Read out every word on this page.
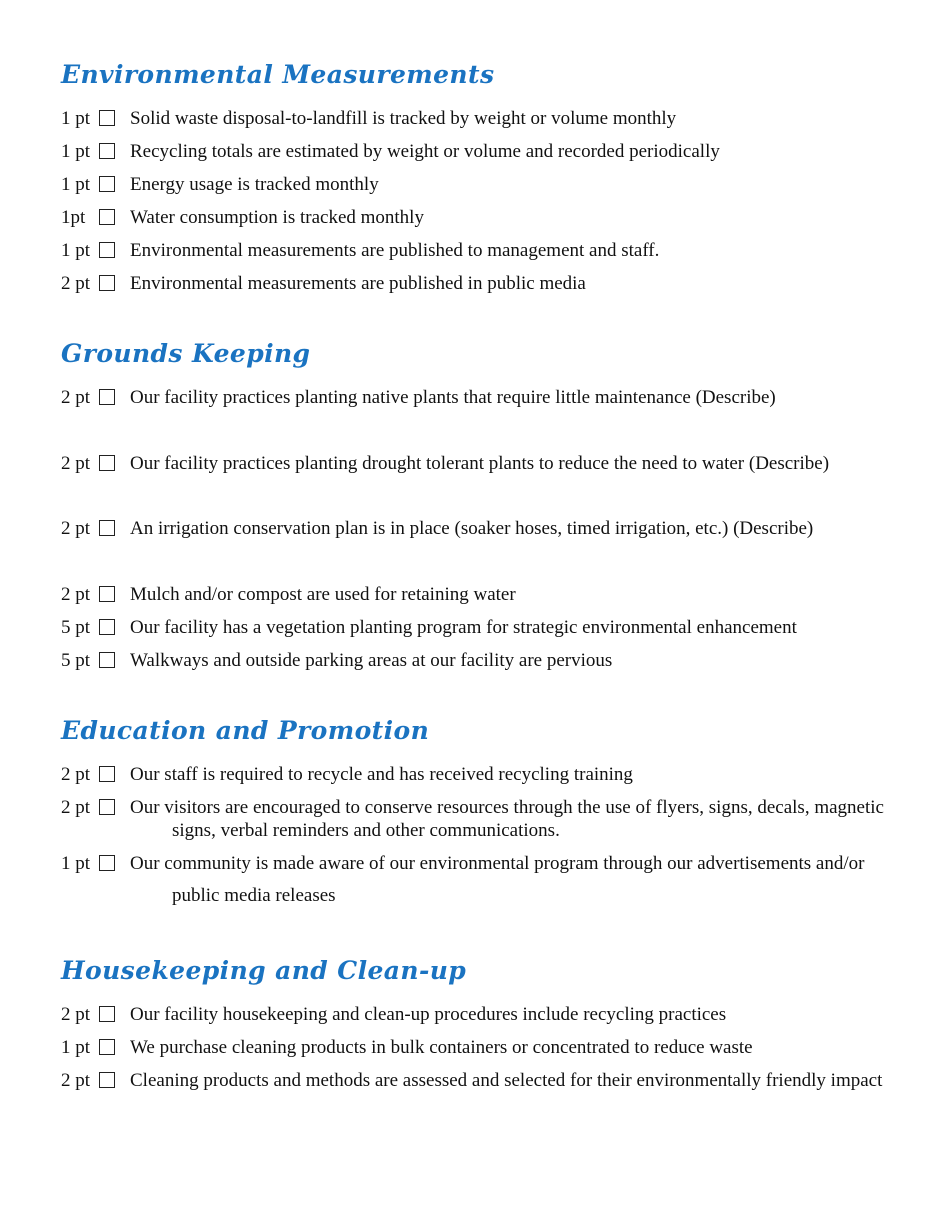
Environmental Measurements
1 pt Solid waste disposal-to-landfill is tracked by weight or volume monthly
1 pt Recycling totals are estimated by weight or volume and recorded periodically
1 pt Energy usage is tracked monthly
1pt Water consumption is tracked monthly
1 pt Environmental measurements are published to management and staff.
2 pt Environmental measurements are published in public media
Grounds Keeping
2 pt Our facility practices planting native plants that require little maintenance (Describe)
2 pt Our facility practices planting drought tolerant plants to reduce the need to water (Describe)
2 pt An irrigation conservation plan is in place (soaker hoses, timed irrigation, etc.) (Describe)
2 pt Mulch and/or compost are used for retaining water
5 pt Our facility has a vegetation planting program for strategic environmental enhancement
5 pt Walkways and outside parking areas at our facility are pervious
Education and Promotion
2 pt Our staff is required to recycle and has received recycling training
2 pt Our visitors are encouraged to conserve resources through the use of flyers, signs, decals, magnetic
signs, verbal reminders and other communications.
1 pt Our community is made aware of our environmental program through our advertisements and/or
public media releases
Housekeeping and Clean-up
2 pt Our facility housekeeping and clean-up procedures include recycling practices
1 pt We purchase cleaning products in bulk containers or concentrated to reduce waste
2 pt Cleaning products and methods are assessed and selected for their environmentally friendly impact
